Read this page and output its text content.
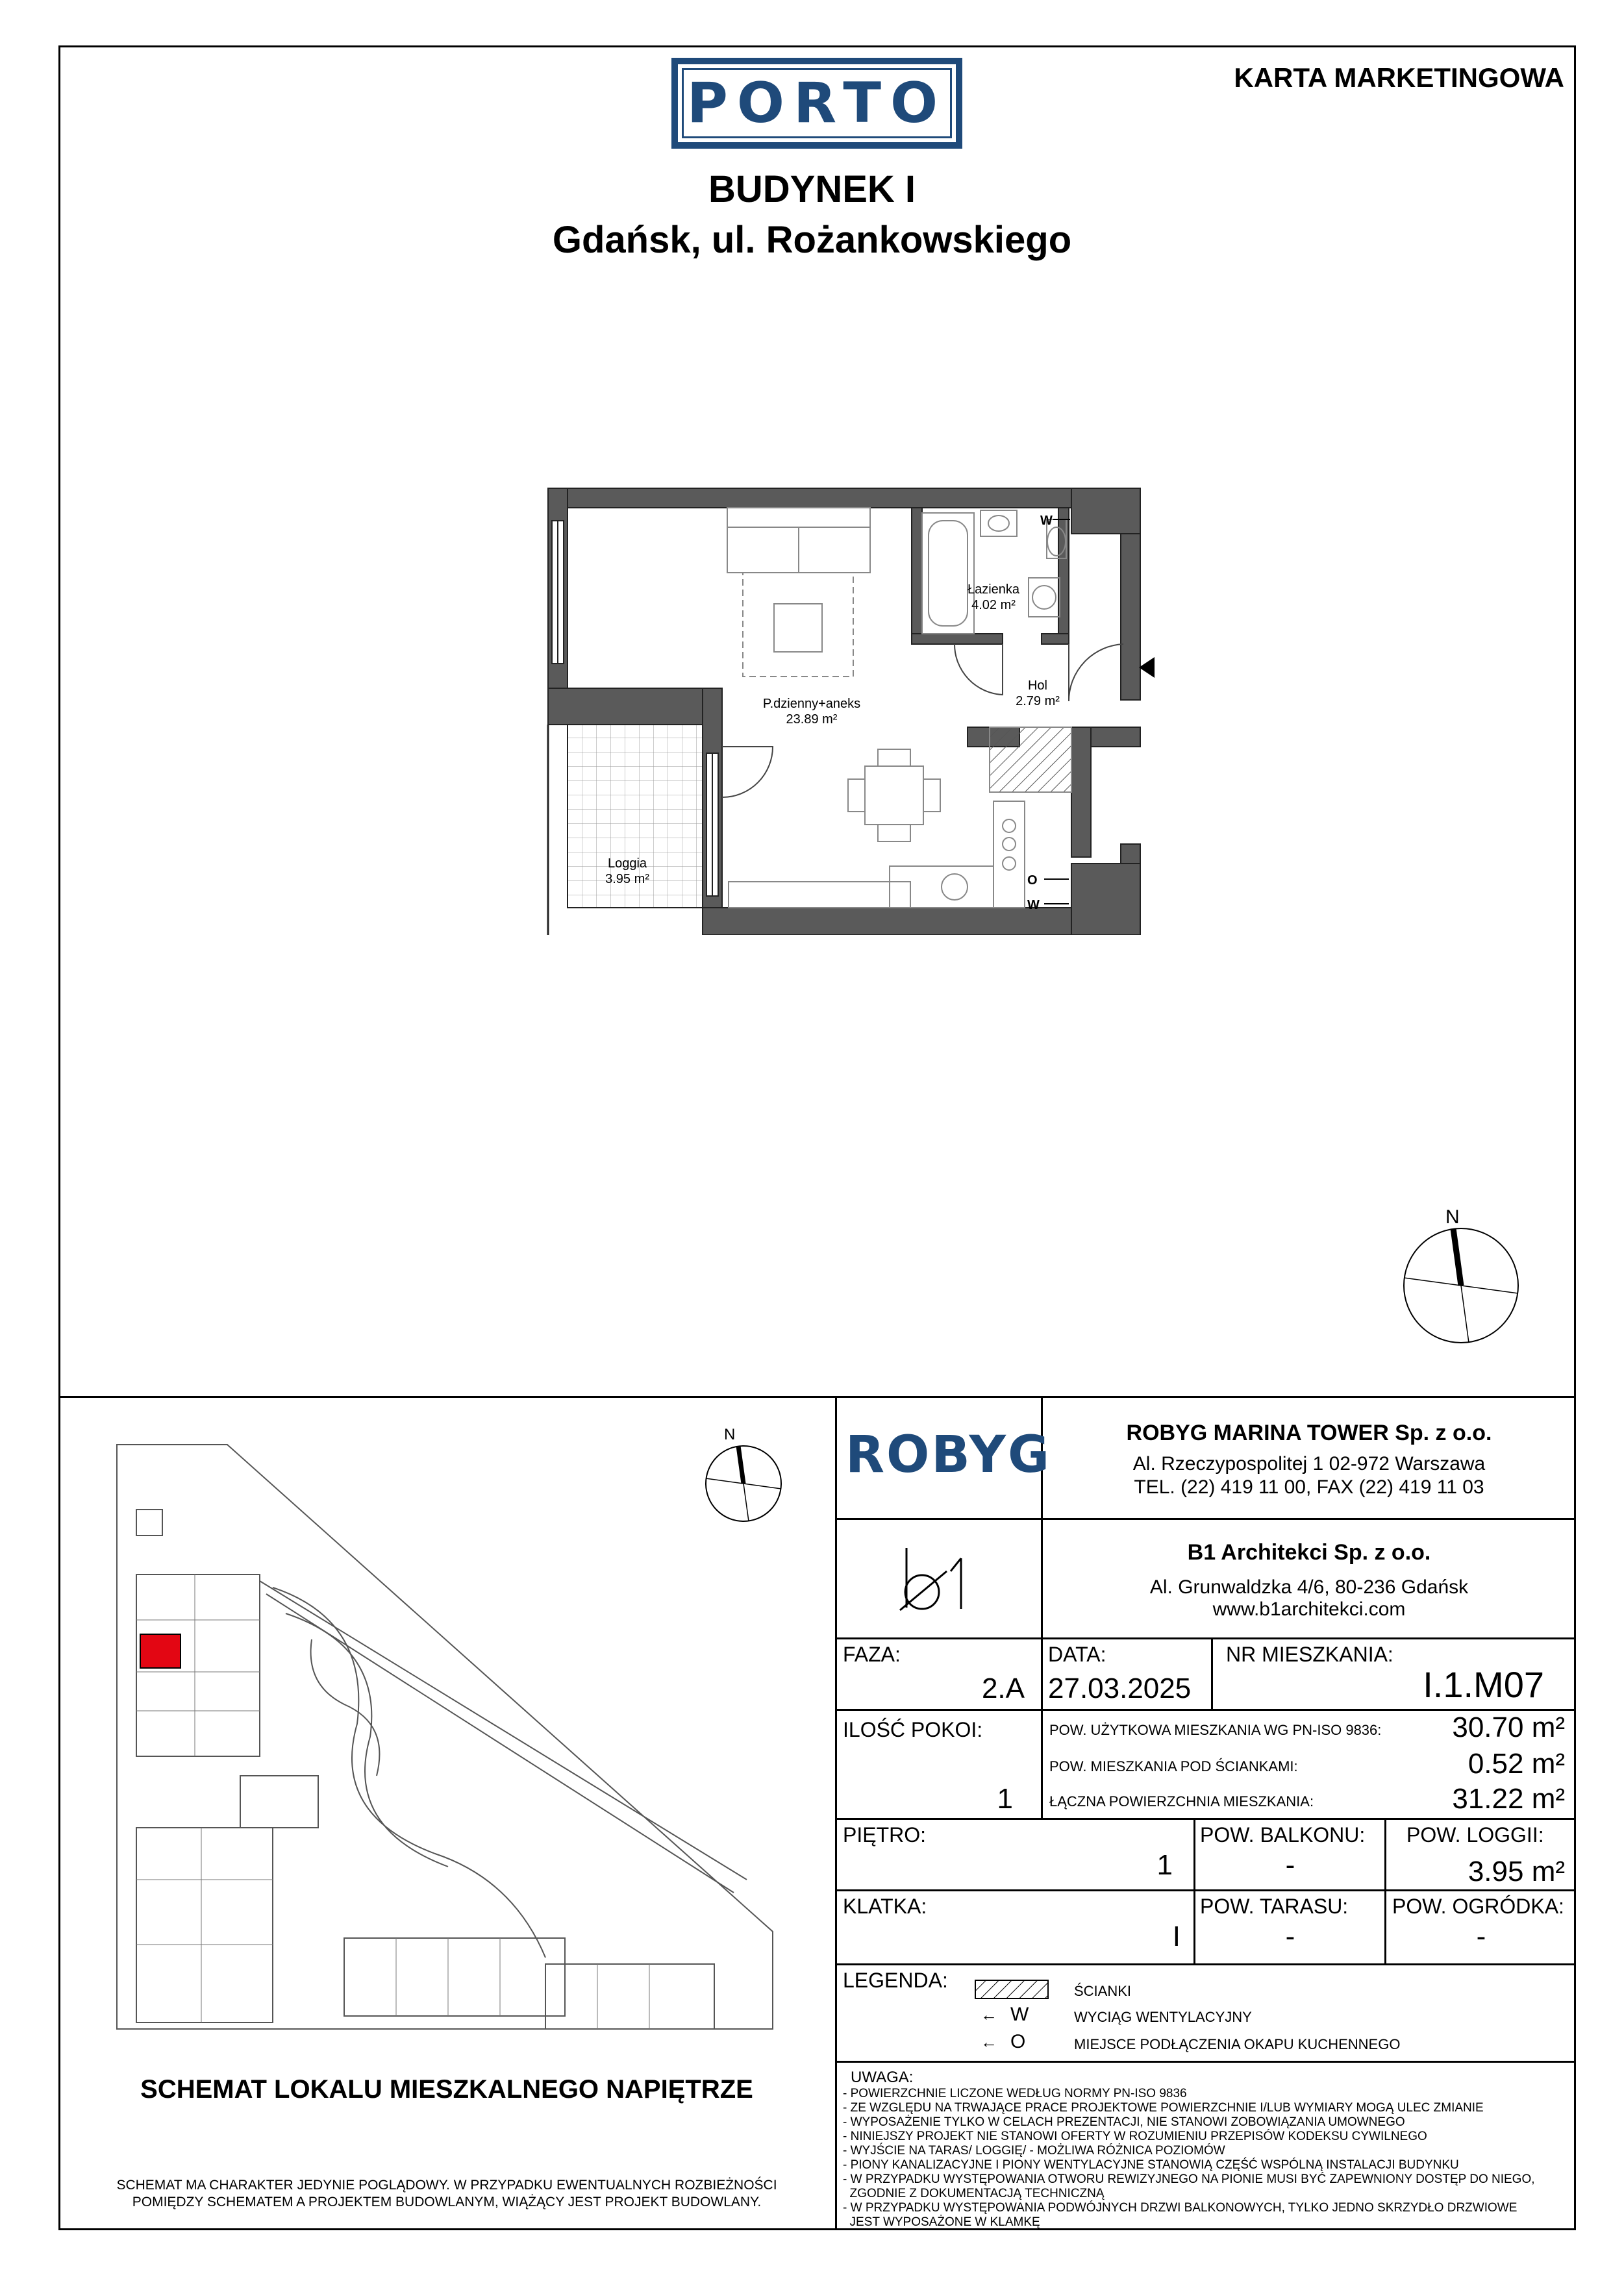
PORTO	KARTA MARKETINGOWA
BUDYNEK I
Gdańsk, ul. Rożankowskiego
W
O
W
Łazienka
4.02 m²
Hol
2.79 m²
P.dzienny+aneks
23.89 m²
Loggia
3.95 m²
N
N
SCHEMAT LOKALU MIESZKALNEGO NAPIĘTRZE
SCHEMAT MA CHARAKTER JEDYNIE POGLĄDOWY. W PRZYPADKU EWENTUALNYCH ROZBIEŻNOŚCI
POMIĘDZY SCHEMATEM A PROJEKTEM BUDOWLANYM, WIĄŻĄCY JEST PROJEKT BUDOWLANY.
ROBYG	ROBYG MARINA TOWER Sp. z o.o.
Al. Rzeczypospolitej 1 02-972 Warszawa
TEL. (22) 419 11 00, FAX (22) 419 11 03
B1 Architekci Sp. z o.o.
Al. Grunwaldzka 4/6, 80-236 Gdańsk
www.b1architekci.com
FAZA:
2.A
DATA:
27.03.2025
NR MIESZKANIA:
I.1.M07
ILOŚĆ POKOI:
1
POW. UŻYTKOWA MIESZKANIA WG PN-ISO 9836:	30.70 m²
POW. MIESZKANIA POD ŚCIANKAMI:	0.52 m²
ŁĄCZNA POWIERZCHNIA MIESZKANIA:	31.22 m²
PIĘTRO:
1
POW. BALKONU:
-
POW. LOGGII:
3.95 m²
KLATKA:
I
POW. TARASU:
-
POW. OGRÓDKA:
-
LEGENDA:	ŚCIANKI
← W	WYCIĄG WENTYLACYJNY
← O	MIEJSCE PODŁĄCZENIA OKAPU KUCHENNEGO
UWAGA:
- POWIERZCHNIE LICZONE WEDŁUG NORMY PN-ISO 9836
- ZE WZGLĘDU NA TRWAJĄCE PRACE PROJEKTOWE POWIERZCHNIE I/LUB WYMIARY MOGĄ ULEC ZMIANIE
- WYPOSAŻENIE TYLKO W CELACH PREZENTACJI, NIE STANOWI ZOBOWIĄZANIA UMOWNEGO
- NINIEJSZY PROJEKT NIE STANOWI OFERTY W ROZUMIENIU PRZEPISÓW KODEKSU CYWILNEGO
- WYJŚCIE NA TARAS/ LOGGIĘ/ - MOŻLIWA RÓŻNICA POZIOMÓW
- PIONY KANALIZACYJNE I PIONY WENTYLACYJNE STANOWIĄ CZĘŚĆ WSPÓLNĄ INSTALACJI BUDYNKU
- W PRZYPADKU WYSTĘPOWANIA OTWORU REWIZYJNEGO NA PIONIE MUSI BYĆ ZAPEWNIONY DOSTĘP DO NIEGO,
ZGODNIE Z DOKUMENTACJĄ TECHNICZNĄ
- W PRZYPADKU WYSTĘPOWANIA PODWÓJNYCH DRZWI BALKONOWYCH, TYLKO JEDNO SKRZYDŁO DRZWIOWE
JEST WYPOSAŻONE W KLAMKĘ
